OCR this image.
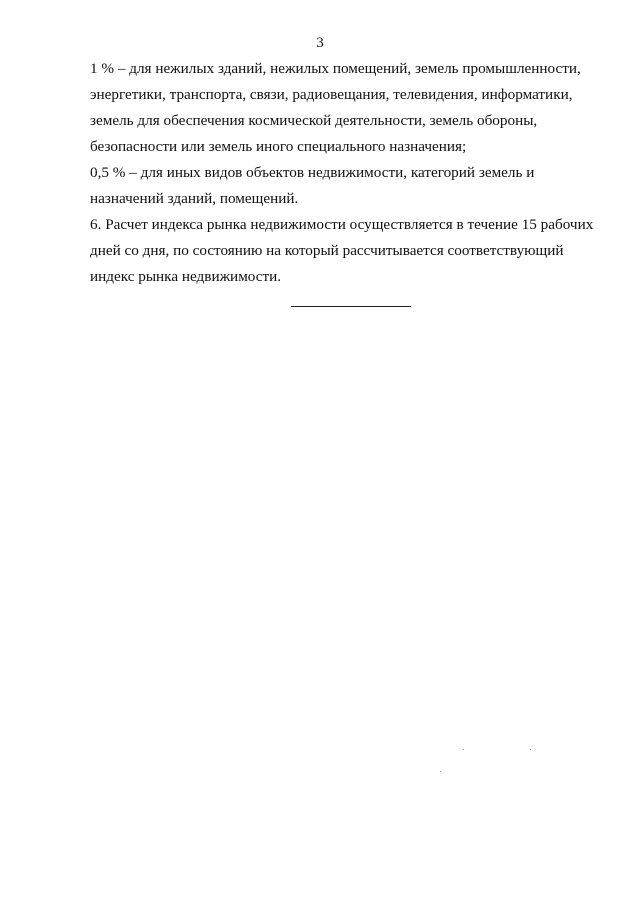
3
1 % – для нежилых зданий, нежилых помещений, земель промышленности, энергетики, транспорта, связи, радиовещания, телевидения, информатики, земель для обеспечения космической деятельности, земель обороны, безопасности или земель иного специального назначения;
0,5 % – для иных видов объектов недвижимости, категорий земель и назначений зданий, помещений.
6. Расчет индекса рынка недвижимости осуществляется в течение 15 рабочих дней со дня, по состоянию на который рассчитывается соответствующий индекс рынка недвижимости.
